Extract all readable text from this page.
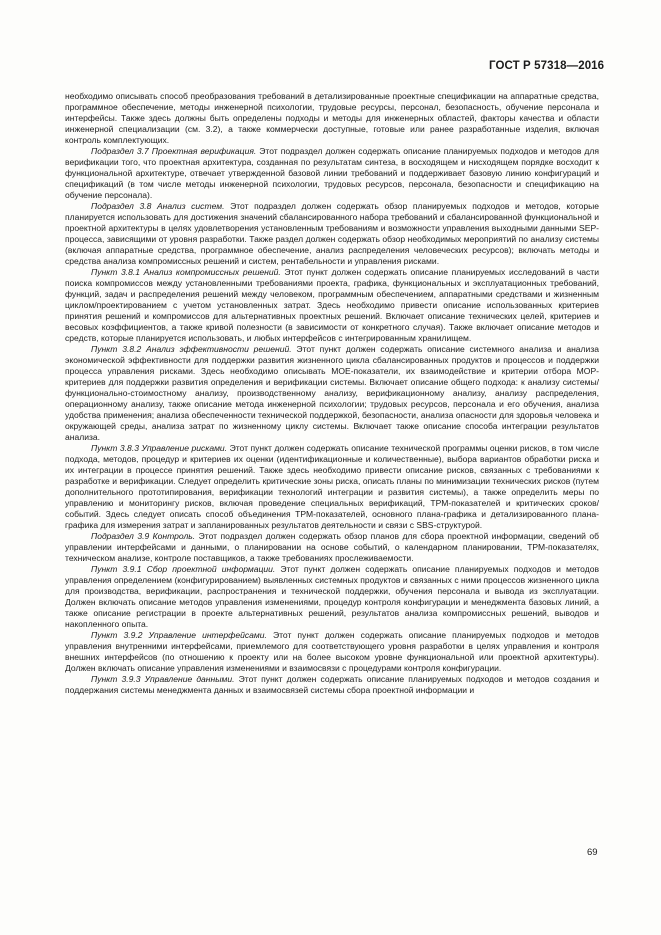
ГОСТ Р 57318—2016

необходимо описывать способ преобразования требований в детализированные проектные спецификации на аппаратные средства, программное обеспечение, методы инженерной психологии, трудовые ресурсы, персонал, безопасность, обучение персонала и интерфейсы. Также здесь должны быть определены подходы и методы для инженерных областей, факторы качества и области инженерной специализации (см. 3.2), а также коммерчески доступные, готовые или ранее разработанные изделия, включая контроль комплектующих.

Подраздел 3.7 Проектная верификация. Этот подраздел должен содержать описание планируемых подходов и методов для верификации того, что проектная архитектура, созданная по результатам синтеза, в восходящем и нисходящем порядке восходит к функциональной архитектуре, отвечает утвержденной базовой линии требований и поддерживает базовую линию конфигураций и спецификаций (в том числе методы инженерной психологии, трудовых ресурсов, персонала, безопасности и спецификацию на обучение персонала).

Подраздел 3.8 Анализ систем. Этот подраздел должен содержать обзор планируемых подходов и методов, которые планируется использовать для достижения значений сбалансированного набора требований и сбалансированной функциональной и проектной архитектуры в целях удовлетворения установленным требованиям и возможности управления выходными данными SEP-процесса, зависящими от уровня разработки. Также раздел должен содержать обзор необходимых мероприятий по анализу системы (включая аппаратные средства, программное обеспечение, анализ распределения человеческих ресурсов); включать методы и средства анализа компромиссных решений и систем, рентабельности и управления рисками.

Пункт 3.8.1 Анализ компромиссных решений. Этот пункт должен содержать описание планируемых исследований в части поиска компромиссов между установленными требованиями проекта, графика, функциональных и эксплуатационных требований, функций, задач и распределения решений между человеком, программным обеспечением, аппаратными средствами и жизненным циклом/проектированием с учетом установленных затрат. Здесь необходимо привести описание использованных критериев принятия решений и компромиссов для альтернативных проектных решений. Включает описание технических целей, критериев и весовых коэффициентов, а также кривой полезности (в зависимости от конкретного случая). Также включает описание методов и средств, которые планируется использовать, и любых интерфейсов с интегрированным хранилищем.

Пункт 3.8.2 Анализ эффективности решений. Этот пункт должен содержать описание системного анализа и анализа экономической эффективности для поддержки развития жизненного цикла сбалансированных продуктов и процессов и поддержки процесса управления рисками. Здесь необходимо описывать МОЕ-показатели, их взаимодействие и критерии отбора МОР-критериев для поддержки развития определения и верификации системы. Включает описание общего подхода: к анализу системы/функционально-стоимостному анализу, производственному анализу, верификационному анализу, анализу распределения, операционному анализу, также описание метода инженерной психологии; трудовых ресурсов, персонала и его обучения, анализа удобства применения; анализа обеспеченности технической поддержкой, безопасности, анализа опасности для здоровья человека и окружающей среды, анализа затрат по жизненному циклу системы. Включает также описание способа интеграции результатов анализа.

Пункт 3.8.3 Управление рисками. Этот пункт должен содержать описание технической программы оценки рисков, в том числе подхода, методов, процедур и критериев их оценки (идентификационные и количественные), выбора вариантов обработки риска и их интеграции в процессе принятия решений. Также здесь необходимо привести описание рисков, связанных с требованиями к разработке и верификации. Следует определить критические зоны риска, описать планы по минимизации технических рисков (путем дополнительного прототипирования, верификации технологий интеграции и развития системы), а также определить меры по управлению и мониторингу рисков, включая проведение специальных верификаций, ТРМ-показателей и критических сроков/событий. Здесь следует описать способ объединения ТРМ-показателей, основного плана-графика и детализированного плана-графика для измерения затрат и запланированных результатов деятельности и связи с SBS-структурой.

Подраздел 3.9 Контроль. Этот подраздел должен содержать обзор планов для сбора проектной информации, сведений об управлении интерфейсами и данными, о планировании на основе событий, о календарном планировании, ТРМ-показателях, техническом анализе, контроле поставщиков, а также требованиях прослеживаемости.

Пункт 3.9.1 Сбор проектной информации. Этот пункт должен содержать описание планируемых подходов и методов управления определением (конфигурированием) выявленных системных продуктов и связанных с ними процессов жизненного цикла для производства, верификации, распространения и технической поддержки, обучения персонала и вывода из эксплуатации. Должен включать описание методов управления изменениями, процедур контроля конфигурации и менеджмента базовых линий, а также описание регистрации в проекте альтернативных решений, результатов анализа компромиссных решений, выводов и накопленного опыта.

Пункт 3.9.2 Управление интерфейсами. Этот пункт должен содержать описание планируемых подходов и методов управления внутренними интерфейсами, приемлемого для соответствующего уровня разработки в целях управления и контроля внешних интерфейсов (по отношению к проекту или на более высоком уровне функциональной или проектной архитектуры). Должен включать описание управления изменениями и взаимосвязи с процедурами контроля конфигурации.

Пункт 3.9.3 Управление данными. Этот пункт должен содержать описание планируемых подходов и методов создания и поддержания системы менеджмента данных и взаимосвязей системы сбора проектной информации и

69
